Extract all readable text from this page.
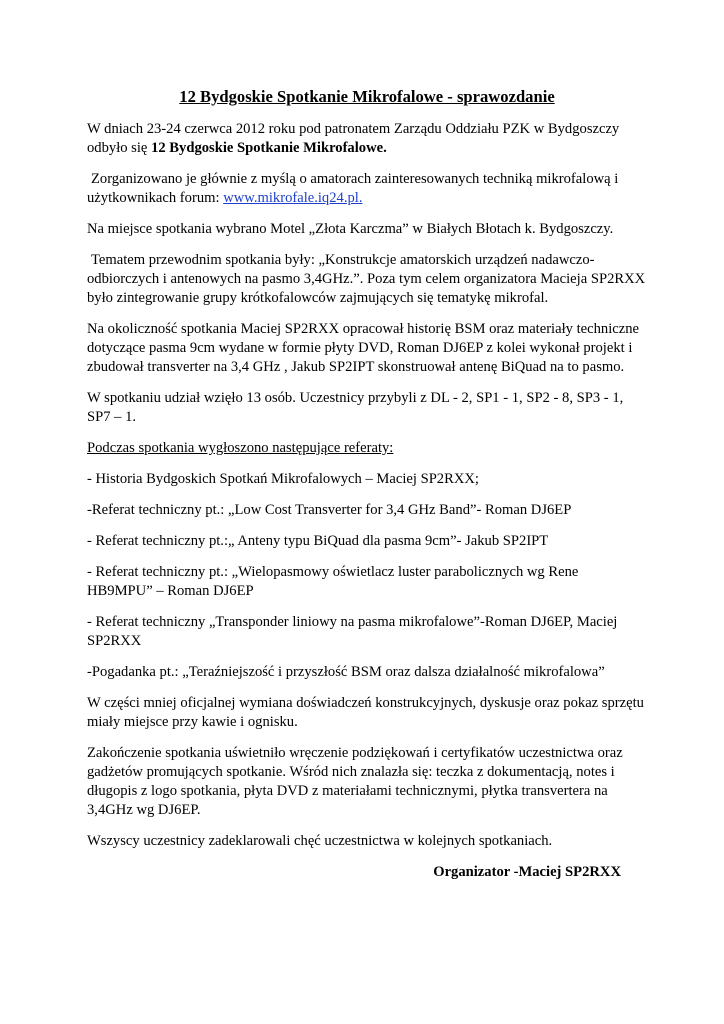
12 Bydgoskie Spotkanie Mikrofalowe - sprawozdanie

W dniach 23-24 czerwca 2012 roku pod patronatem Zarządu Oddziału PZK w Bydgoszczy odbyło się 12 Bydgoskie Spotkanie Mikrofalowe.

Zorganizowano je głównie z myślą o amatorach zainteresowanych techniką mikrofalową i użytkownikach forum: www.mikrofale.iq24.pl.

Na miejsce spotkania wybrano Motel „Złota Karczma” w Białych Błotach k. Bydgoszczy.

Tematem przewodnim spotkania były: „Konstrukcje amatorskich urządzeń nadawczo-odbiorczych i antenowych na pasmo 3,4GHz.”. Poza tym celem organizatora Macieja SP2RXX było zintegrowanie grupy krótkofalowców zajmujących się tematykę mikrofal.

Na okoliczność spotkania Maciej SP2RXX opracował historię BSM oraz materiały techniczne dotyczące pasma 9cm wydane w formie płyty DVD, Roman DJ6EP z kolei wykonał projekt i zbudował transverter na 3,4 GHz , Jakub SP2IPT skonstruował antenę BiQuad na to pasmo.

W spotkaniu udział wzięło 13 osób. Uczestnicy przybyli z DL - 2, SP1 - 1, SP2 - 8, SP3 - 1, SP7 – 1.

Podczas spotkania wygłoszono następujące referaty:

- Historia Bydgoskich Spotkań Mikrofalowych – Maciej SP2RXX;

-Referat techniczny pt.: „Low Cost Transverter for 3,4 GHz Band”- Roman DJ6EP

- Referat techniczny pt.:„ Anteny typu BiQuad dla pasma 9cm”- Jakub SP2IPT

- Referat techniczny pt.: „Wielopasmowy oświetlacz luster parabolicznych wg Rene HB9MPU” – Roman DJ6EP

- Referat techniczny „Transponder liniowy na pasma mikrofalowe”-Roman DJ6EP, Maciej SP2RXX

-Pogadanka pt.: „Teraźniejszość i przyszłość BSM oraz dalsza działalność mikrofalowa”

W części mniej oficjalnej wymiana doświadczeń konstrukcyjnych, dyskusje oraz pokaz sprzętu miały miejsce przy kawie i ognisku.

Zakończenie spotkania uświetniło wręczenie podziękowań i certyfikatów uczestnictwa oraz gadżetów promujących spotkanie. Wśród nich znalazła się: teczka z dokumentacją, notes i długopis z logo spotkania, płyta DVD z materiałami technicznymi, płytka transvertera na 3,4GHz wg DJ6EP.

Wszyscy uczestnicy zadeklarowali chęć uczestnictwa w kolejnych spotkaniach.

Organizator -Maciej SP2RXX
